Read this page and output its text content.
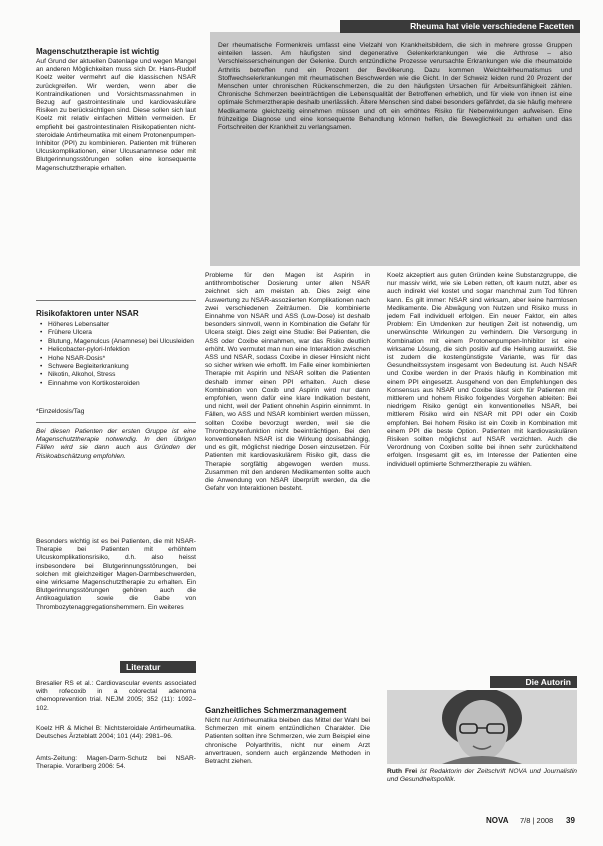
Magenschutztherapie ist wichtig
Auf Grund der aktuellen Datenlage und wegen Mangel an anderen Möglichkeiten muss sich Dr. Hans-Rudolf Koelz weiter vermehrt auf die klassischen NSAR zurückgreifen. Wir werden, wenn aber die Kontraindikationen und Vorsichtsmassnahmen in Bezug auf gastrointestinale und kardiovaskuläre Risiken zu berücksichtigen sind. Diese sollen sich laut Koelz mit relativ einfachen Mitteln vermeiden. Er empfiehlt bei gastrointestinalen Risikopatienten nicht-steroidale Antirheumatika mit einem Protonenpumpen-Inhibitor (PPI) zu kombinieren. Patienten mit früheren Ulcuskomplikationen, einer Ulcusanamnese oder mit Blutgerinnungsstörungen sollen eine konsequente Magenschutztherapie erhalten.
Risikofaktoren unter NSAR
• Höheres Lebensalter
• Frühere Ulcera
• Blutung, Magenulcus (Anamnese) bei Ulcusleiden
• Helicobacter-pylori-Infektion
• Hohe NSAR-Dosis*
• Schwere Begleiterkrankung
• Nikotin, Alkohol, Stress
• Einnahme von Kortikosteroiden
*Einzeldosis/Tag
Bei diesen Patienten der ersten Gruppe ist eine Magenschutztherapie notwendig. In den übrigen Fällen wird sie dann auch aus Gründen der Risikoabschätzung empfohlen.
Besonders wichtig ist es bei Patienten, die mit NSAR-Therapie bei Patienten mit erhöhtem Ulcuskomplikationsrisiko, d.h. also heisst insbesondere bei Blutgerinnungsstörungen, bei solchen mit gleichzeitiger Magen-Darmbeschwerden, eine wirksame Magenschutztherapie zu erhalten. Ein Blutgerinnungsstörungen gehören auch die Antikoagulation sowie die Gabe von Thrombozytenaggregationshemmern. Ein weiteres
Literatur
Bresalier RS et al.: Cardiovascular events associated with rofecoxib in a colorectal adenoma chemoprevention trial. NEJM 2005; 352 (11): 1092–102.
Koelz HR & Michel B: Nichtsteroidale Antirheumatika. Deutsches Ärzteblatt 2004; 101 (44): 2981–96.
Amts-Zeitung: Magen-Darm-Schutz bei NSAR-Therapie. Vorarlberg 2006: 54.
Rheuma hat viele verschiedene Facetten
Der rheumatische Formenkreis umfasst eine Vielzahl von Krankheitsbildern, die sich in mehrere grosse Gruppen einteilen lassen. Am häufigsten sind degenerative Gelenkerkrankungen wie die Arthrose – also Verschleisserscheinungen der Gelenke. Durch entzündliche Prozesse verursachte Erkrankungen wie die rheumatoide Arthritis betreffen rund ein Prozent der Bevölkerung. Dazu kommen Weichteilrheumatismus und Stoffwechselerkrankungen mit rheumatischen Beschwerden wie die Gicht. In der Schweiz leiden rund 20 Prozent der Menschen unter chronischen Rückenschmerzen, die zu den häufigsten Ursachen für Arbeitsunfähigkeit zählen. Chronische Schmerzen beeinträchtigen die Lebensqualität der Betroffenen erheblich, und für viele von ihnen ist eine optimale Schmerztherapie deshalb unerlässlich. Ältere Menschen sind dabei besonders gefährdet, da sie häufig mehrere Medikamente gleichzeitig einnehmen müssen und oft ein erhöhtes Risiko für Nebenwirkungen aufweisen. Eine frühzeitige Diagnose und eine konsequente Behandlung können helfen, die Beweglichkeit zu erhalten und das Fortschreiten der Krankheit zu verlangsamen.
Probleme für den Magen ist Aspirin in antithrombotischer Dosierung unter allen NSAR zeichnet sich am meisten ab. Dies zeigt eine Auswertung zu NSAR-assoziierten Komplikationen nach zwei verschiedenen Zeiträumen. Die kombinierte Einnahme von NSAR und ASS (Low-Dose) ist deshalb besonders sinnvoll, wenn in Kombination die Gefahr für Ulcera steigt. Dies zeigt eine Studie: Bei Patienten, die ASS oder Coxibe einnahmen, war das Risiko deutlich erhöht. Wo vermutet man nun eine Interaktion zwischen ASS und NSAR, sodass Coxibe in dieser Hinsicht nicht so sicher wirken wie erhofft. Im Falle einer kombinierten Therapie mit Aspirin und NSAR sollten die Patienten deshalb immer einen PPI erhalten. Auch diese Kombination von Coxib und Aspirin wird nur dann empfohlen, wenn dafür eine klare Indikation besteht, und nicht, weil der Patient ohnehin Aspirin einnimmt. In Fällen, wo ASS und NSAR kombiniert werden müssen, sollten Coxibe bevorzugt werden, weil sie die Thrombozytenfunktion nicht beeinträchtigen. Bei den konventionellen NSAR ist die Wirkung dosisabhängig, und es gilt, möglichst niedrige Dosen einzusetzen. Für Patienten mit kardiovaskulärem Risiko gilt, dass die Therapie sorgfältig abgewogen werden muss. Zusammen mit den anderen Medikamenten sollte auch die Anwendung von NSAR überprüft werden, da die Gefahr von Interaktionen besteht.
Ganzheitliches Schmerzmanagement
Nicht nur Antirheumatika bleiben das Mittel der Wahl bei Schmerzen mit einem entzündlichen Charakter. Die Patienten sollten ihre Schmerzen, wie zum Beispiel eine chronische Polyarthritis, nicht nur einem Arzt anvertrauen, sondern auch ergänzende Methoden in Betracht ziehen.
Koelz akzeptiert aus guten Gründen keine Substanzgruppe, die nur massiv wirkt, wie sie Leben retten, oft kaum nutzt, aber es auch indirekt viel kostet und sogar manchmal zum Tod führen kann. Es gilt immer: NSAR sind wirksam, aber keine harmlosen Medikamente. Die Abwägung von Nutzen und Risiko muss in jedem Fall individuell erfolgen. Ein neuer Faktor, ein altes Problem: Ein Umdenken zur heutigen Zeit ist notwendig, um unerwünschte Wirkungen zu verhindern. Die Versorgung in Kombination mit einem Protonenpumpen-Inhibitor ist eine wirksame Lösung, die sich positiv auf die Heilung auswirkt. Sie ist zudem die kostengünstigste Variante, was für das Gesundheitssystem insgesamt von Bedeutung ist. Auch NSAR und Coxibe werden in der Praxis häufig in Kombination mit einem PPI eingesetzt. Ausgehend von den Empfehlungen des Konsensus aus NSAR und Coxibe lässt sich für Patienten mit mittlerem und hohem Risiko folgendes Vorgehen ableiten: Bei niedrigem Risiko genügt ein konventionelles NSAR, bei mittlerem Risiko wird ein NSAR mit PPI oder ein Coxib empfohlen. Bei hohem Risiko ist ein Coxib in Kombination mit einem PPI die beste Option. Patienten mit kardiovaskulären Risiken sollten möglichst auf NSAR verzichten. Auch die Verordnung von Coxiben sollte bei ihnen sehr zurückhaltend erfolgen. Insgesamt gilt es, im Interesse der Patienten eine individuell optimierte Schmerztherapie zu wählen.
Die Autorin
Ruth Frei ist Redaktorin der Zeitschrift NOVA und Journalistin und Gesundheitspolitik.
NOVA 7/8 | 2008 39
